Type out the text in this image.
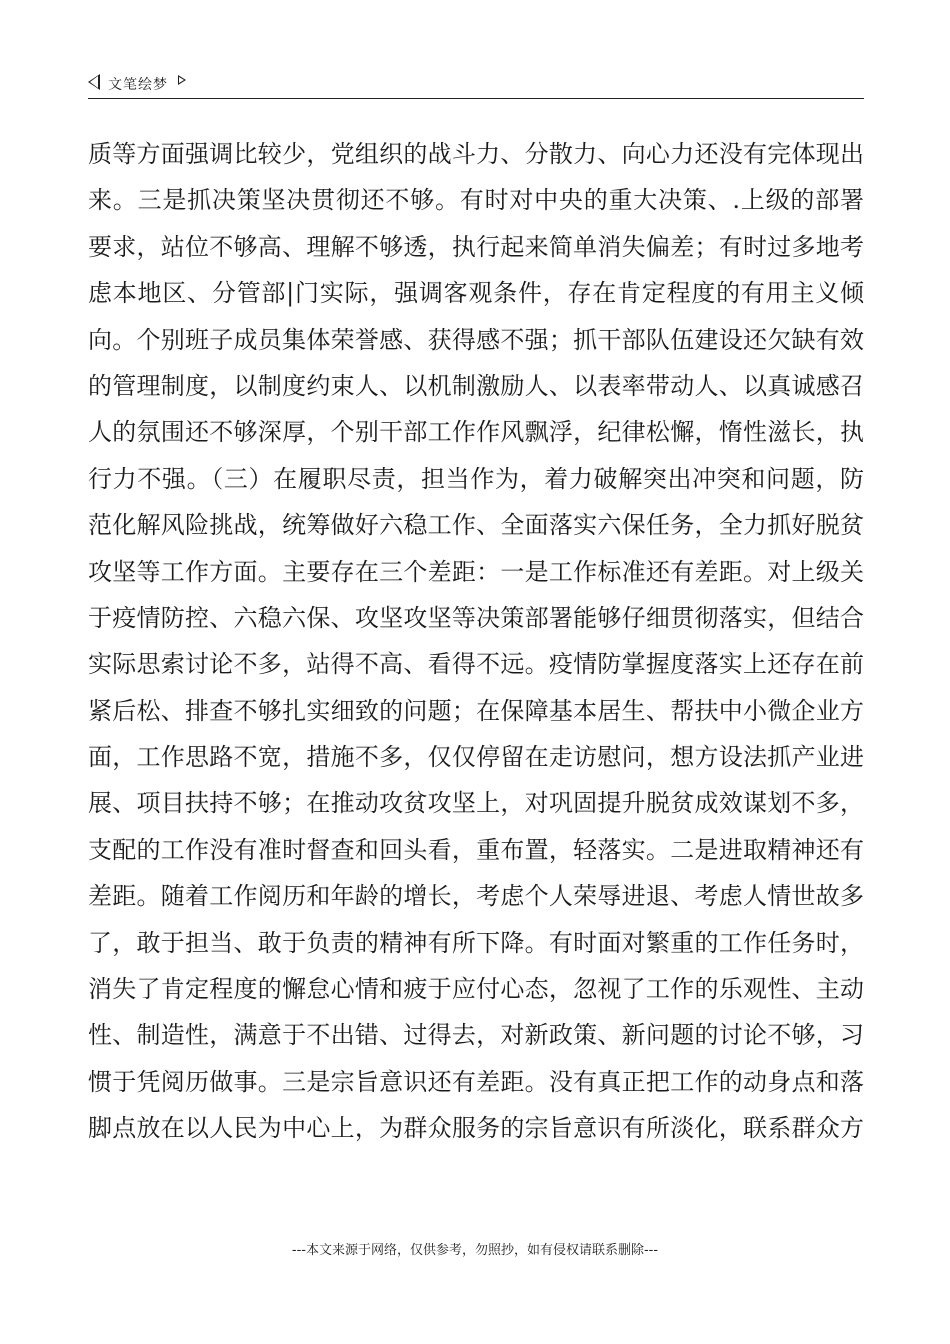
文笔绘梦
质等方面强调比较少，党组织的战斗力、分散力、向心力还没有完体现出
来。三是抓决策坚决贯彻还不够。有时对中央的重大决策、.上级的部署
要求，站位不够高、理解不够透，执行起来简单消失偏差；有时过多地考
虑本地区、分管部|门实际，强调客观条件，存在肯定程度的有用主义倾
向。个别班子成员集体荣誉感、获得感不强；抓干部队伍建设还欠缺有效
的管理制度，以制度约束人、以机制激励人、以表率带动人、以真诚感召
人的氛围还不够深厚，个别干部工作作风飘浮，纪律松懈，惰性滋长，执
行力不强。（三）在履职尽责，担当作为，着力破解突出冲突和问题，防
范化解风险挑战，统筹做好六稳工作、全面落实六保任务，全力抓好脱贫
攻坚等工作方面。主要存在三个差距：一是工作标准还有差距。对上级关
于疫情防控、六稳六保、攻坚攻坚等决策部署能够仔细贯彻落实，但结合
实际思索讨论不多，站得不高、看得不远。疫情防掌握度落实上还存在前
紧后松、排查不够扎实细致的问题；在保障基本居生、帮扶中小微企业方
面，工作思路不宽，措施不多，仅仅停留在走访慰问，想方设法抓产业进
展、项目扶持不够；在推动攻贫攻坚上，对巩固提升脱贫成效谋划不多，
支配的工作没有准时督查和回头看，重布置，轻落实。二是进取精神还有
差距。随着工作阅历和年龄的增长，考虑个人荣辱进退、考虑人情世故多
了，敢于担当、敢于负责的精神有所下降。有时面对繁重的工作任务时，
消失了肯定程度的懈怠心情和疲于应付心态，忽视了工作的乐观性、主动
性、制造性，满意于不出错、过得去，对新政策、新问题的讨论不够，习
惯于凭阅历做事。三是宗旨意识还有差距。没有真正把工作的动身点和落
脚点放在以人民为中心上，为群众服务的宗旨意识有所淡化，联系群众方
---本文来源于网络，仅供参考，勿照抄，如有侵权请联系删除---
